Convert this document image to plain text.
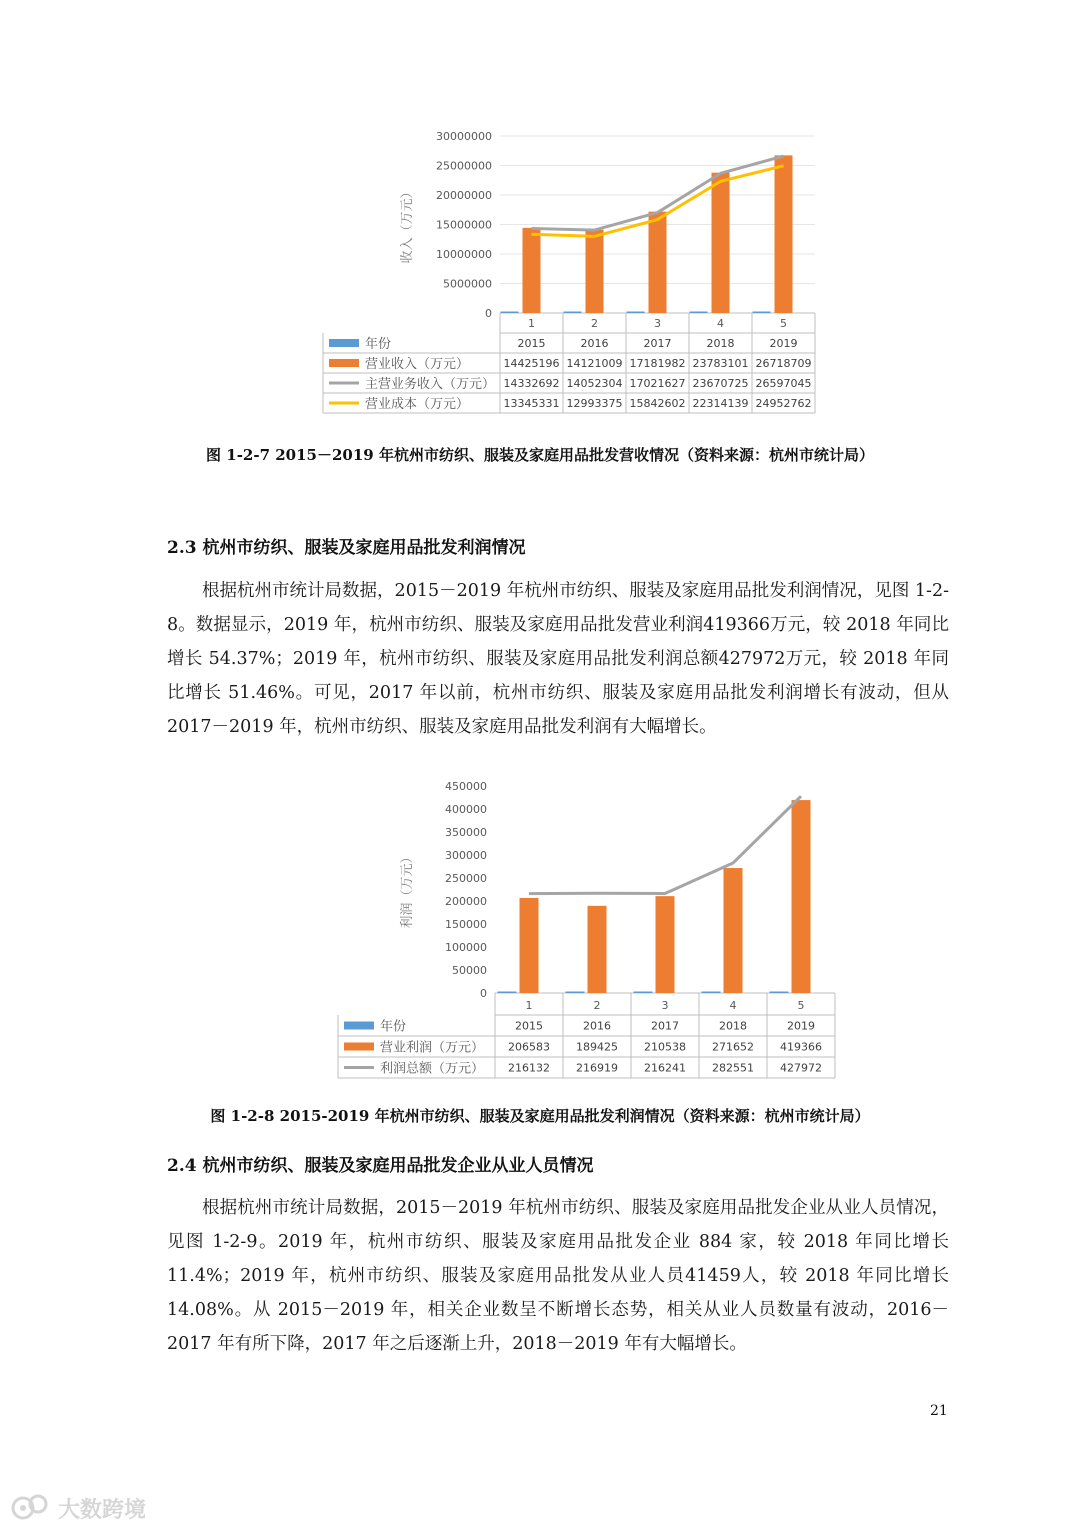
30000000
25000000
20000000
15000000
10000000
5000000
0
收入（万元）
1	2	3	4	5
年份	2015	2016	2017	2018	2019
营业收入（万元）	14425196 14121009 17181982 23783101 26718709
主营业务收入（万元） 14332692 14052304 17021627 23670725 26597045
营业成本（万元）	13345331 12993375 15842602 22314139 24952762
图 1-2-7 2015－2019 年杭州市纺织、服装及家庭用品批发营收情况（资料来源：杭州市统计局）
2.3 杭州市纺织、服装及家庭用品批发利润情况

根据杭州市统计局数据，2015－2019 年杭州市纺织、服装及家庭用品批发利润情况，见图 1-2-8。数据显示，2019 年，杭州市纺织、服装及家庭用品批发营业利润419366万元，较 2018 年同比增长 54.37%；2019 年，杭州市纺织、服装及家庭用品批发利润总额427972万元，较 2018 年同比增长 51.46%。可见，2017 年以前，杭州市纺织、服装及家庭用品批发利润增长有波动，但从 2017－2019 年，杭州市纺织、服装及家庭用品批发利润有大幅增长。

450000
400000
350000
300000
250000
200000
150000
100000
50000
0
利润（万元）
1	2	3	4	5
年份	2015	2016	2017	2018	2019
营业利润（万元） 206583 189425 210538 271652 419366
利润总额（万元） 216132 216919 216241 282551 427972
图 1-2-8 2015-2019 年杭州市纺织、服装及家庭用品批发利润情况（资料来源：杭州市统计局）
2.4 杭州市纺织、服装及家庭用品批发企业从业人员情况

根据杭州市统计局数据，2015－2019 年杭州市纺织、服装及家庭用品批发企业从业人员情况，见图 1-2-9。2019 年，杭州市纺织、服装及家庭用品批发企业 884 家，较 2018 年同比增长 11.4%；2019 年，杭州市纺织、服装及家庭用品批发从业人员41459人，较 2018 年同比增长 14.08%。从 2015－2019 年，相关企业数呈不断增长态势，相关从业人员数量有波动，2016－2017 年有所下降，2017 年之后逐渐上升，2018－2019 年有大幅增长。

21
大数跨境
